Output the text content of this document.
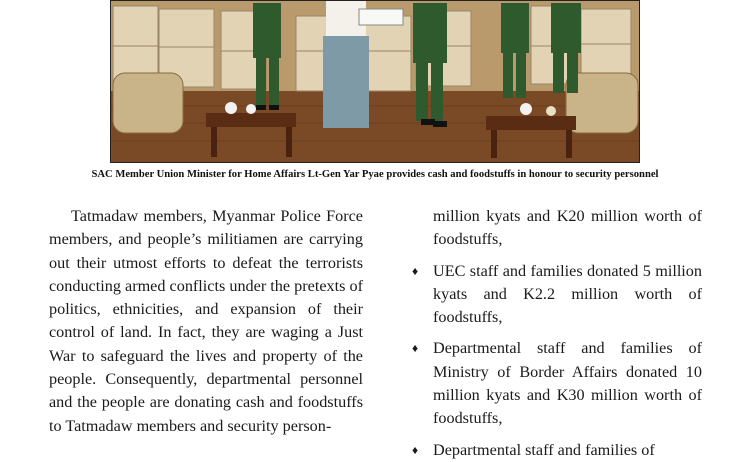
SAC Member Union Minister for Home Affairs Lt-Gen Yar Pyae provides cash and foodstuffs in honour to security personnel

Tatmadaw members, Myanmar Police Force members, and people’s militiamen are carrying out their utmost efforts to defeat the terrorists conducting armed conflicts under the pretexts of politics, ethnicities, and expansion of their control of land. In fact, they are waging a Just War to safeguard the lives and property of the people. Consequently, departmental personnel and the people are donating cash and foodstuffs to Tatmadaw members and security person-

million kyats and K20 million worth of foodstuffs,

♦ UEC staff and families donated 5 million kyats and K2.2 million worth of foodstuffs,
♦ Departmental staff and families of Ministry of Border Affairs donated 10 million kyats and K30 million worth of foodstuffs,
♦ Departmental staff and families of
